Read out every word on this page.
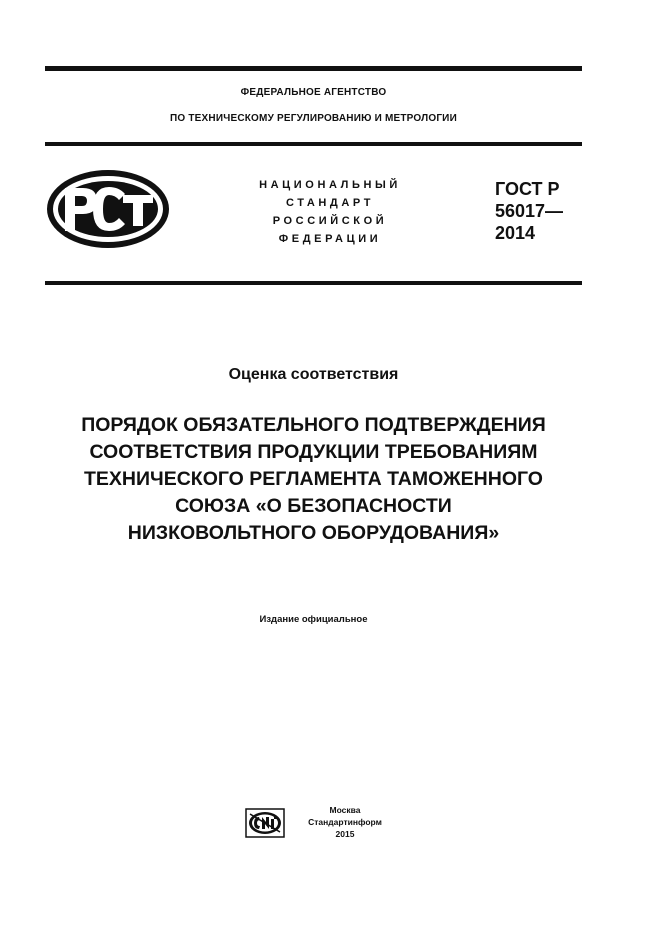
ФЕДЕРАЛЬНОЕ АГЕНТСТВО
ПО ТЕХНИЧЕСКОМУ РЕГУЛИРОВАНИЮ И МЕТРОЛОГИИ
НАЦИОНАЛЬНЫЙ
СТАНДАРТ
РОССИЙСКОЙ
ФЕДЕРАЦИИ
ГОСТ Р
56017—
2014
Оценка соответствия
ПОРЯДОК ОБЯЗАТЕЛЬНОГО ПОДТВЕРЖДЕНИЯ
СООТВЕТСТВИЯ ПРОДУКЦИИ ТРЕБОВАНИЯМ
ТЕХНИЧЕСКОГО РЕГЛАМЕНТА ТАМОЖЕННОГО
СОЮЗА «О БЕЗОПАСНОСТИ
НИЗКОВОЛЬТНОГО ОБОРУДОВАНИЯ»
Издание официальное
Москва
Стандартинформ
2015
